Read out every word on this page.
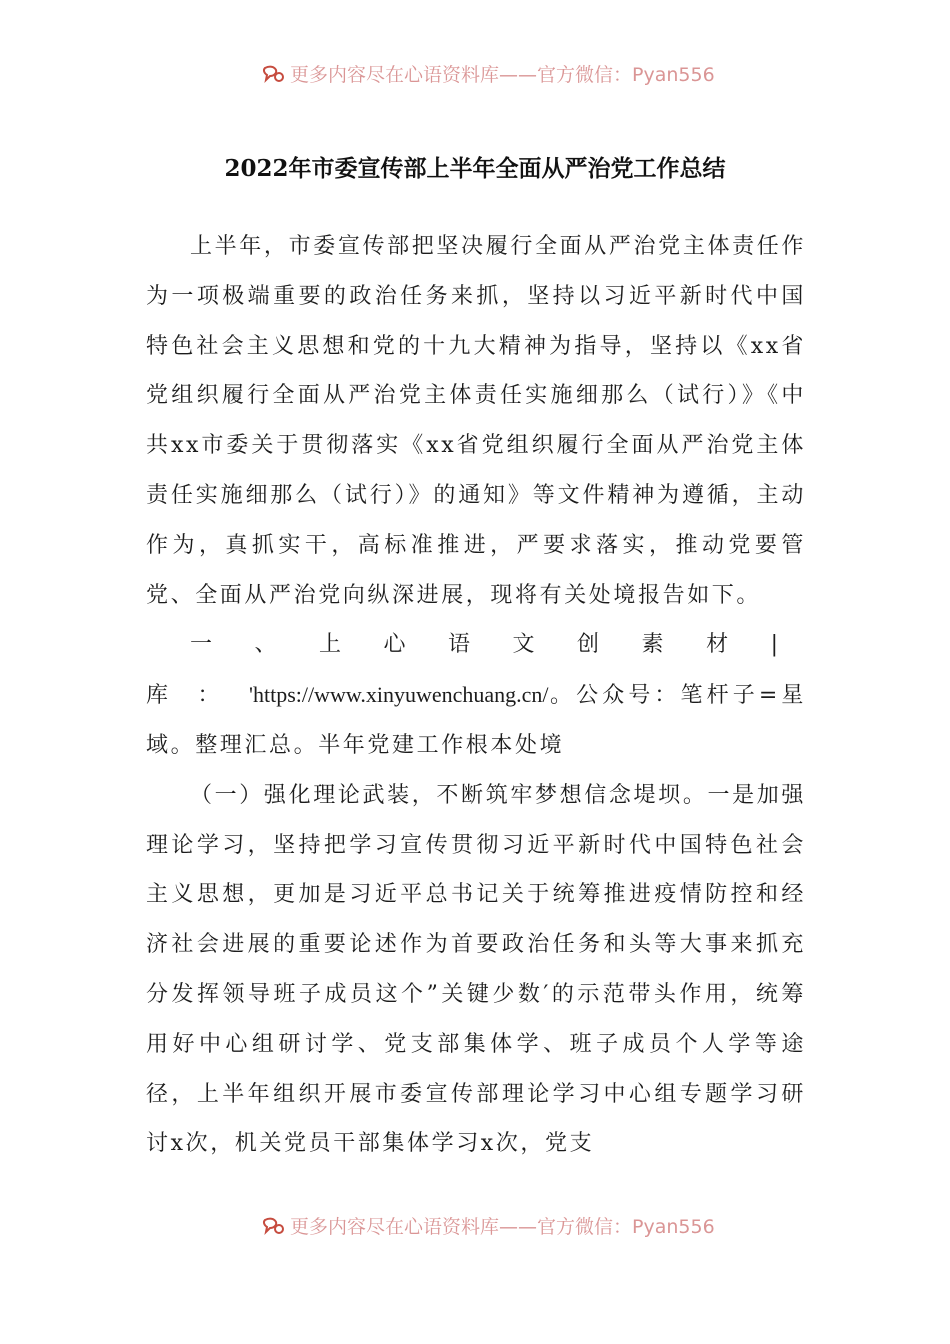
更多内容尽在心语资料库——官方微信：Pyan556
2022年市委宣传部上半年全面从严治党工作总结

上半年，市委宣传部把坚决履行全面从严治党主体责任作为一项极端重要的政治任务来抓，坚持以习近平新时代中国特色社会主义思想和党的十九大精神为指导，坚持以《xx省党组织履行全面从严治党主体责任实施细那么（试行）》《中共xx市委关于贯彻落实《xx省党组织履行全面从严治党主体责任实施细那么（试行）》的通知》等文件精神为遵循，主动作为，真抓实干，高标准推进，严要求落实，推动党要管党、全面从严治党向纵深进展，现将有关处境报告如下。

一、上心语文创素材|库：'https://www.xinyuwenchuang.cn/。公众号：笔杆子=星域。整理汇总。半年党建工作根本处境

（一）强化理论武装，不断筑牢梦想信念堤坝。一是加强理论学习，坚持把学习宣传贯彻习近平新时代中国特色社会主义思想，更加是习近平总书记关于统筹推进疫情防控和经济社会进展的重要论述作为首要政治任务和头等大事来抓充分发挥领导班子成员这个”关键少数′的示范带头作用，统筹用好中心组研讨学、党支部集体学、班子成员个人学等途径，上半年组织开展市委宣传部理论学习中心组专题学习研讨x次，机关党员干部集体学习x次，党支

更多内容尽在心语资料库——官方微信：Pyan556
